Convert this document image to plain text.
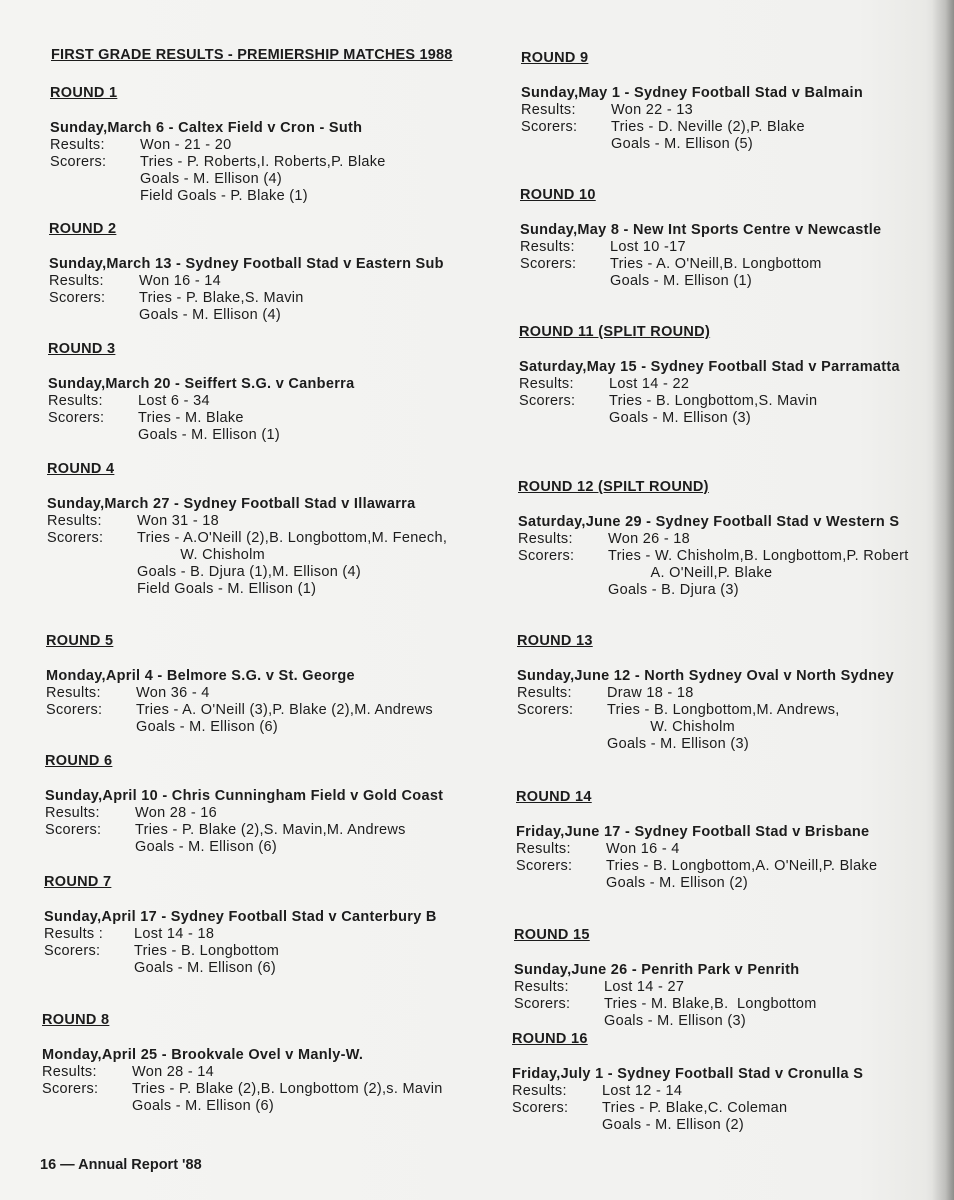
FIRST GRADE RESULTS - PREMIERSHIP MATCHES 1988
ROUND 1
Sunday,March 6 - Caltex Field v Cron - Suth
Results:	Won - 21 - 20
Scorers:	Tries - P. Roberts,I. Roberts,P. Blake
Goals - M. Ellison (4)
Field Goals - P. Blake (1)
ROUND 2
Sunday,March 13 - Sydney Football Stad v Eastern Sub
Results:	Won 16 - 14
Scorers:	Tries - P. Blake,S. Mavin
Goals - M. Ellison (4)
ROUND 3
Sunday,March 20 - Seiffert S.G. v Canberra
Results:	Lost 6 - 34
Scorers:	Tries - M. Blake
Goals - M. Ellison (1)
ROUND 4
Sunday,March 27 - Sydney Football Stad v Illawarra
Results:	Won 31 - 18
Scorers:	Tries - A.O'Neill (2),B. Longbottom,M. Fenech,
W. Chisholm
Goals - B. Djura (1),M. Ellison (4)
Field Goals - M. Ellison (1)
ROUND 5
Monday,April 4 - Belmore S.G. v St. George
Results:	Won 36 - 4
Scorers:	Tries - A. O'Neill (3),P. Blake (2),M. Andrews
Goals - M. Ellison (6)
ROUND 6
Sunday,April 10 - Chris Cunningham Field v Gold Coast
Results:	Won 28 - 16
Scorers:	Tries - P. Blake (2),S. Mavin,M. Andrews
Goals - M. Ellison (6)
ROUND 7
Sunday,April 17 - Sydney Football Stad v Canterbury B
Results :	Lost 14 - 18
Scorers:	Tries - B. Longbottom
Goals - M. Ellison (6)
ROUND 8
Monday,April 25 - Brookvale Ovel v Manly-W.
Results:	Won 28 - 14
Scorers:	Tries - P. Blake (2),B. Longbottom (2),s. Mavin
Goals - M. Ellison (6)
ROUND 9
Sunday,May 1 - Sydney Football Stad v Balmain
Results:	Won 22 - 13
Scorers:	Tries - D. Neville (2),P. Blake
Goals - M. Ellison (5)
ROUND 10
Sunday,May 8 - New Int Sports Centre v Newcastle
Results:	Lost 10 -17
Scorers:	Tries - A. O'Neill,B. Longbottom
Goals - M. Ellison (1)
ROUND 11 (SPLIT ROUND)
Saturday,May 15 - Sydney Football Stad v Parramatta
Results:	Lost 14 - 22
Scorers:	Tries - B. Longbottom,S. Mavin
Goals - M. Ellison (3)
ROUND 12 (SPILT ROUND)
Saturday,June 29 - Sydney Football Stad v Western S
Results:	Won 26 - 18
Scorers:	Tries - W. Chisholm,B. Longbottom,P. Robert
A. O'Neill,P. Blake
Goals - B. Djura (3)
ROUND 13
Sunday,June 12 - North Sydney Oval v North Sydney
Results:	Draw 18 - 18
Scorers:	Tries - B. Longbottom,M. Andrews,
W. Chisholm
Goals - M. Ellison (3)
ROUND 14
Friday,June 17 - Sydney Football Stad v Brisbane
Results:	Won 16 - 4
Scorers:	Tries - B. Longbottom,A. O'Neill,P. Blake
Goals - M. Ellison (2)
ROUND 15
Sunday,June 26 - Penrith Park v Penrith
Results:	Lost 14 - 27
Scorers:	Tries - M. Blake,B.  Longbottom
Goals - M. Ellison (3)
ROUND 16
Friday,July 1 - Sydney Football Stad v Cronulla S
Results:	Lost 12 - 14
Scorers:	Tries - P. Blake,C. Coleman
Goals - M. Ellison (2)
16 — Annual Report '88
